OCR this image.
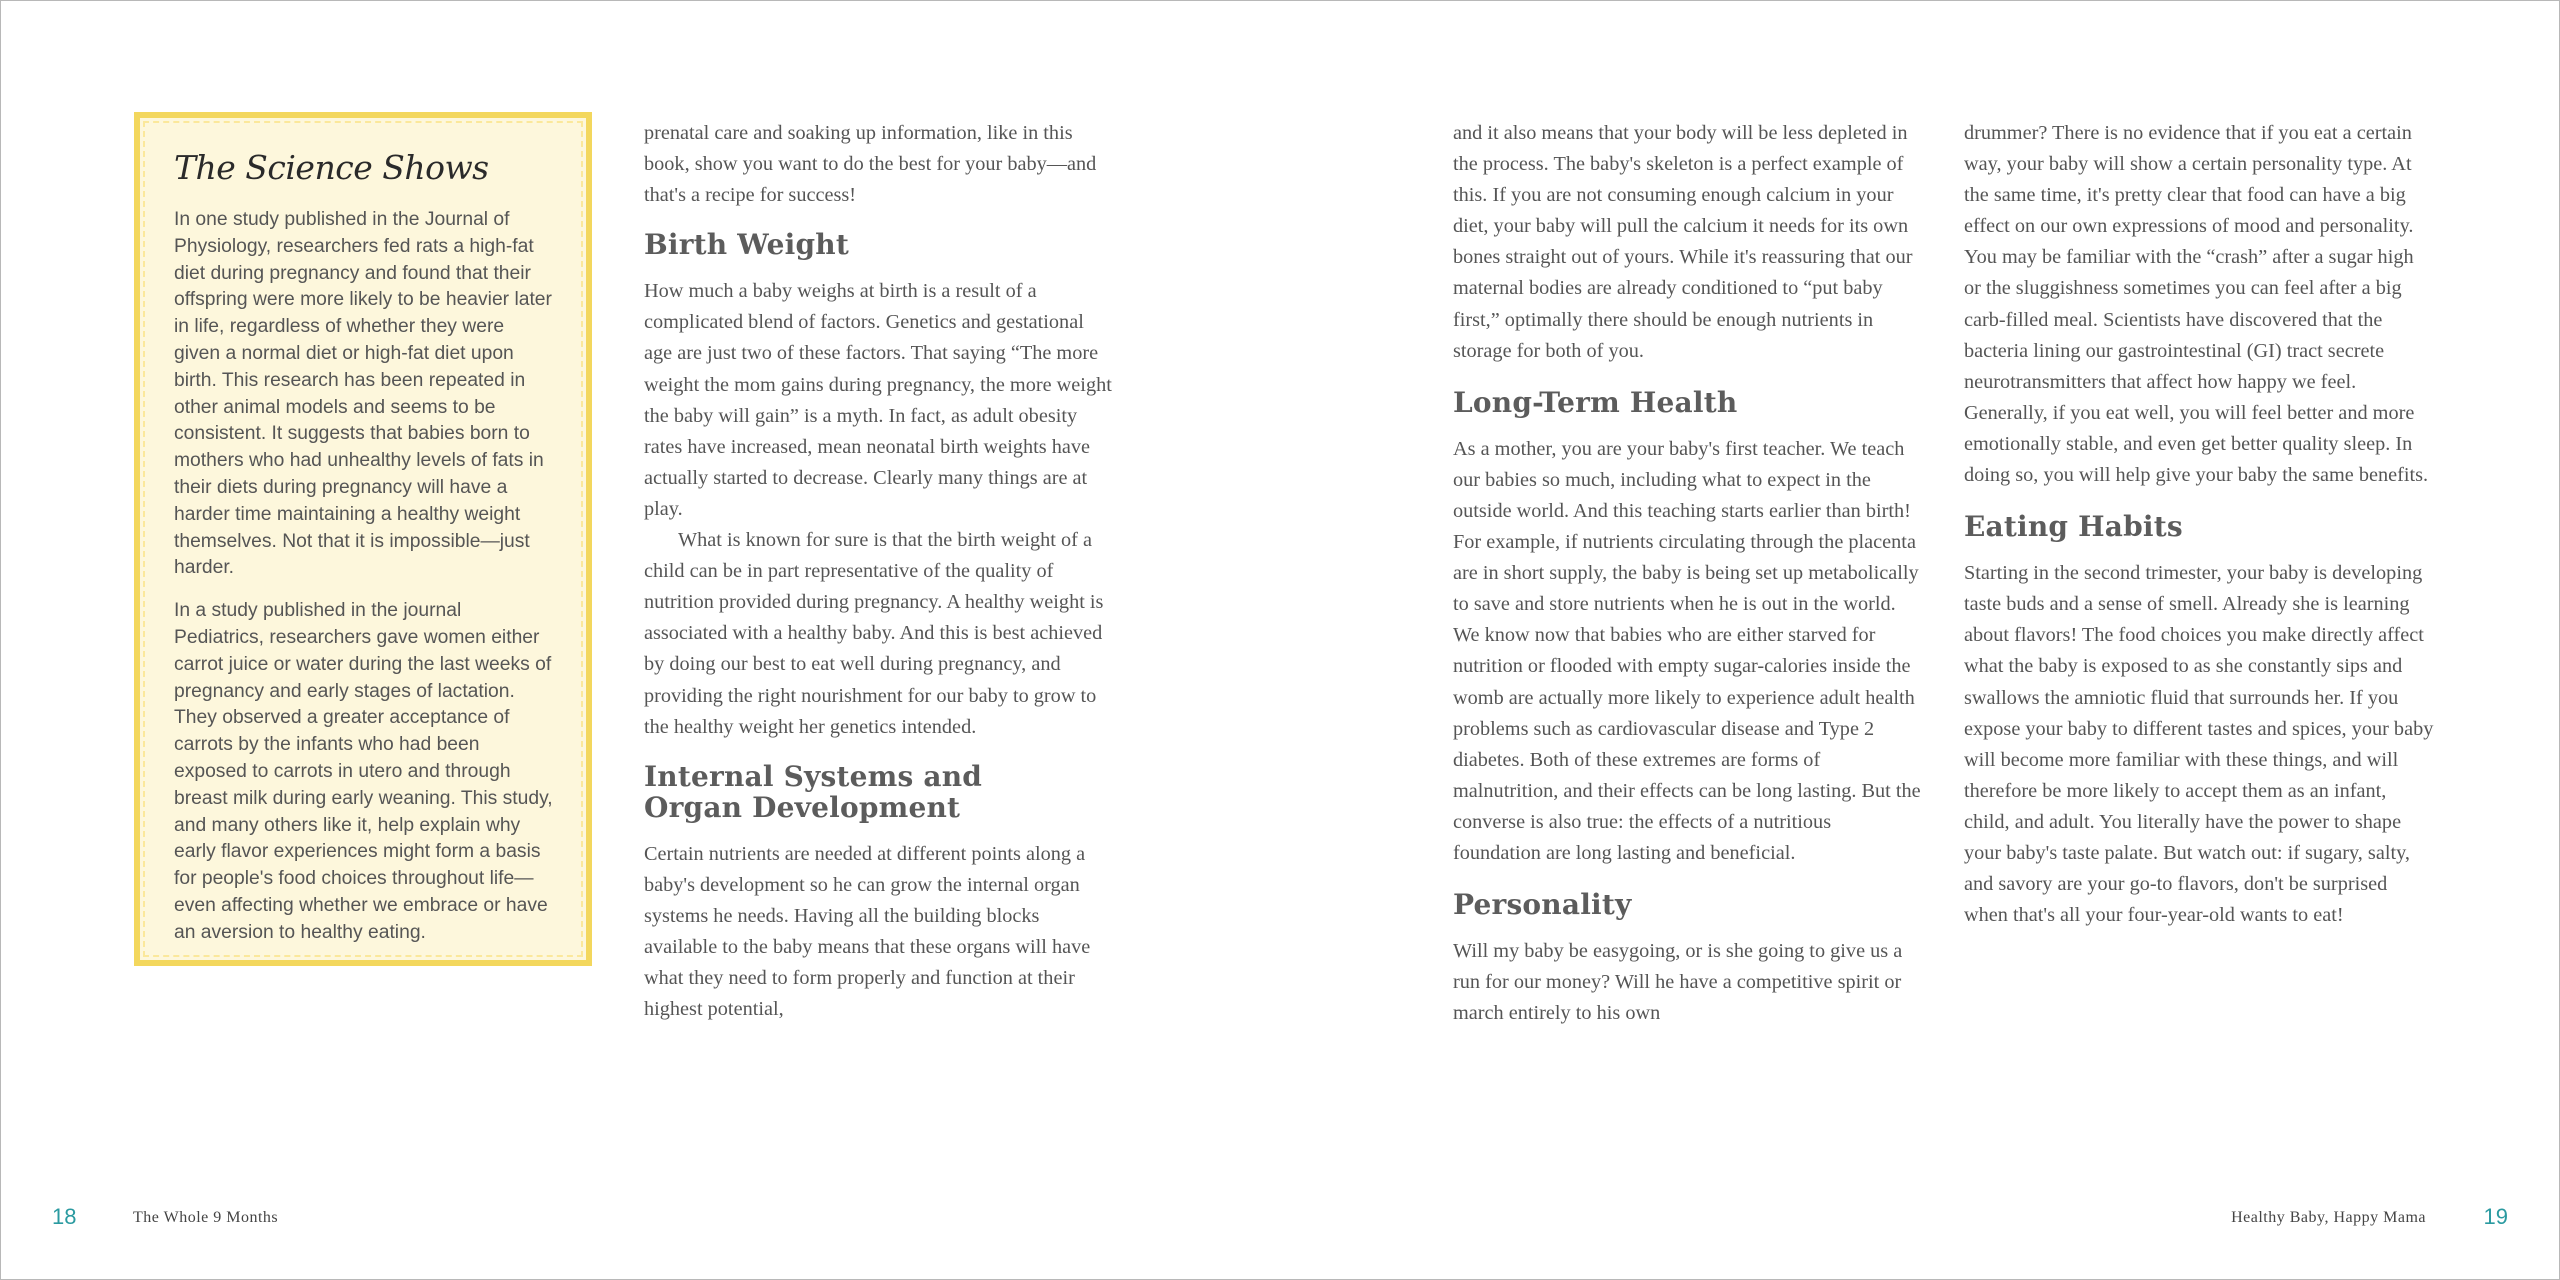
The Science Shows

In one study published in the Journal of Physiology, researchers fed rats a high-fat diet during pregnancy and found that their offspring were more likely to be heavier later in life, regardless of whether they were given a normal diet or high-fat diet upon birth. This research has been repeated in other animal models and seems to be consistent. It suggests that babies born to mothers who had unhealthy levels of fats in their diets during pregnancy will have a harder time maintaining a healthy weight themselves. Not that it is impossible—just harder.

In a study published in the journal Pediatrics, researchers gave women either carrot juice or water during the last weeks of pregnancy and early stages of lactation. They observed a greater acceptance of carrots by the infants who had been exposed to carrots in utero and through breast milk during early weaning. This study, and many others like it, help explain why early flavor experiences might form a basis for people's food choices throughout life—even affecting whether we embrace or have an aversion to healthy eating.

prenatal care and soaking up information, like in this book, show you want to do the best for your baby—and that's a recipe for success!

Birth Weight

How much a baby weighs at birth is a result of a complicated blend of factors. Genetics and gestational age are just two of these factors. That saying “The more weight the mom gains during pregnancy, the more weight the baby will gain” is a myth. In fact, as adult obesity rates have increased, mean neonatal birth weights have actually started to decrease. Clearly many things are at play.

What is known for sure is that the birth weight of a child can be in part representative of the quality of nutrition provided during pregnancy. A healthy weight is associated with a healthy baby. And this is best achieved by doing our best to eat well during pregnancy, and providing the right nourishment for our baby to grow to the healthy weight her genetics intended.

Internal Systems and Organ Development

Certain nutrients are needed at different points along a baby's development so he can grow the internal organ systems he needs. Having all the building blocks available to the baby means that these organs will have what they need to form properly and function at their highest potential,

and it also means that your body will be less depleted in the process. The baby's skeleton is a perfect example of this. If you are not consuming enough calcium in your diet, your baby will pull the calcium it needs for its own bones straight out of yours. While it's reassuring that our maternal bodies are already conditioned to “put baby first,” optimally there should be enough nutrients in storage for both of you.

Long-Term Health

As a mother, you are your baby's first teacher. We teach our babies so much, including what to expect in the outside world. And this teaching starts earlier than birth! For example, if nutrients circulating through the placenta are in short supply, the baby is being set up metabolically to save and store nutrients when he is out in the world. We know now that babies who are either starved for nutrition or flooded with empty sugar-calories inside the womb are actually more likely to experience adult health problems such as cardiovascular disease and Type 2 diabetes. Both of these extremes are forms of malnutrition, and their effects can be long lasting. But the converse is also true: the effects of a nutritious foundation are long lasting and beneficial.

Personality

Will my baby be easygoing, or is she going to give us a run for our money? Will he have a competitive spirit or march entirely to his own

drummer? There is no evidence that if you eat a certain way, your baby will show a certain personality type. At the same time, it's pretty clear that food can have a big effect on our own expressions of mood and personality. You may be familiar with the “crash” after a sugar high or the sluggishness sometimes you can feel after a big carb-filled meal. Scientists have discovered that the bacteria lining our gastrointestinal (GI) tract secrete neurotransmitters that affect how happy we feel. Generally, if you eat well, you will feel better and more emotionally stable, and even get better quality sleep. In doing so, you will help give your baby the same benefits.

Eating Habits

Starting in the second trimester, your baby is developing taste buds and a sense of smell. Already she is learning about flavors! The food choices you make directly affect what the baby is exposed to as she constantly sips and swallows the amniotic fluid that surrounds her. If you expose your baby to different tastes and spices, your baby will become more familiar with these things, and will therefore be more likely to accept them as an infant, child, and adult. You literally have the power to shape your baby's taste palate. But watch out: if sugary, salty, and savory are your go-to flavors, don't be surprised when that's all your four-year-old wants to eat!

18	The Whole 9 Months	Healthy Baby, Happy Mama	19
